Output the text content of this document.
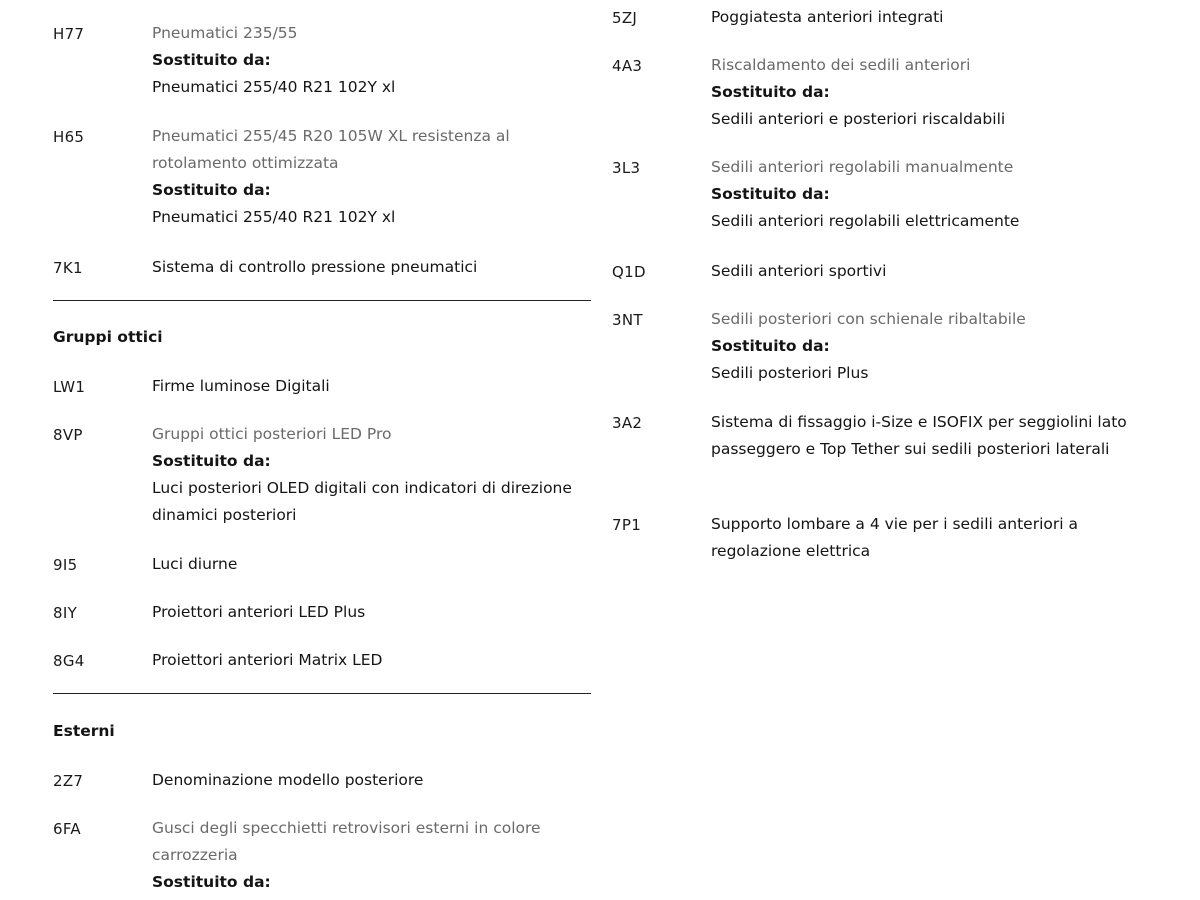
H77	Pneumatici 235/55
Sostituito da:
Pneumatici 255/40 R21 102Y xl
H65	Pneumatici 255/45 R20 105W XL resistenza al rotolamento ottimizzata
Sostituito da:
Pneumatici 255/40 R21 102Y xl
7K1	Sistema di controllo pressione pneumatici
Gruppi ottici
LW1	Firme luminose Digitali
8VP	Gruppi ottici posteriori LED Pro
Sostituito da:
Luci posteriori OLED digitali con indicatori di direzione dinamici posteriori
9I5	Luci diurne
8IY	Proiettori anteriori LED Plus
8G4	Proiettori anteriori Matrix LED
Esterni
2Z7	Denominazione modello posteriore
6FA	Gusci degli specchietti retrovisori esterni in colore carrozzeria
Sostituito da:
5ZJ	Poggiatesta anteriori integrati
4A3	Riscaldamento dei sedili anteriori
Sostituito da:
Sedili anteriori e posteriori riscaldabili
3L3	Sedili anteriori regolabili manualmente
Sostituito da:
Sedili anteriori regolabili elettricamente
Q1D	Sedili anteriori sportivi
3NT	Sedili posteriori con schienale ribaltabile
Sostituito da:
Sedili posteriori Plus
3A2	Sistema di fissaggio i-Size e ISOFIX per seggiolini lato passeggero e Top Tether sui sedili posteriori laterali
7P1	Supporto lombare a 4 vie per i sedili anteriori a regolazione elettrica
